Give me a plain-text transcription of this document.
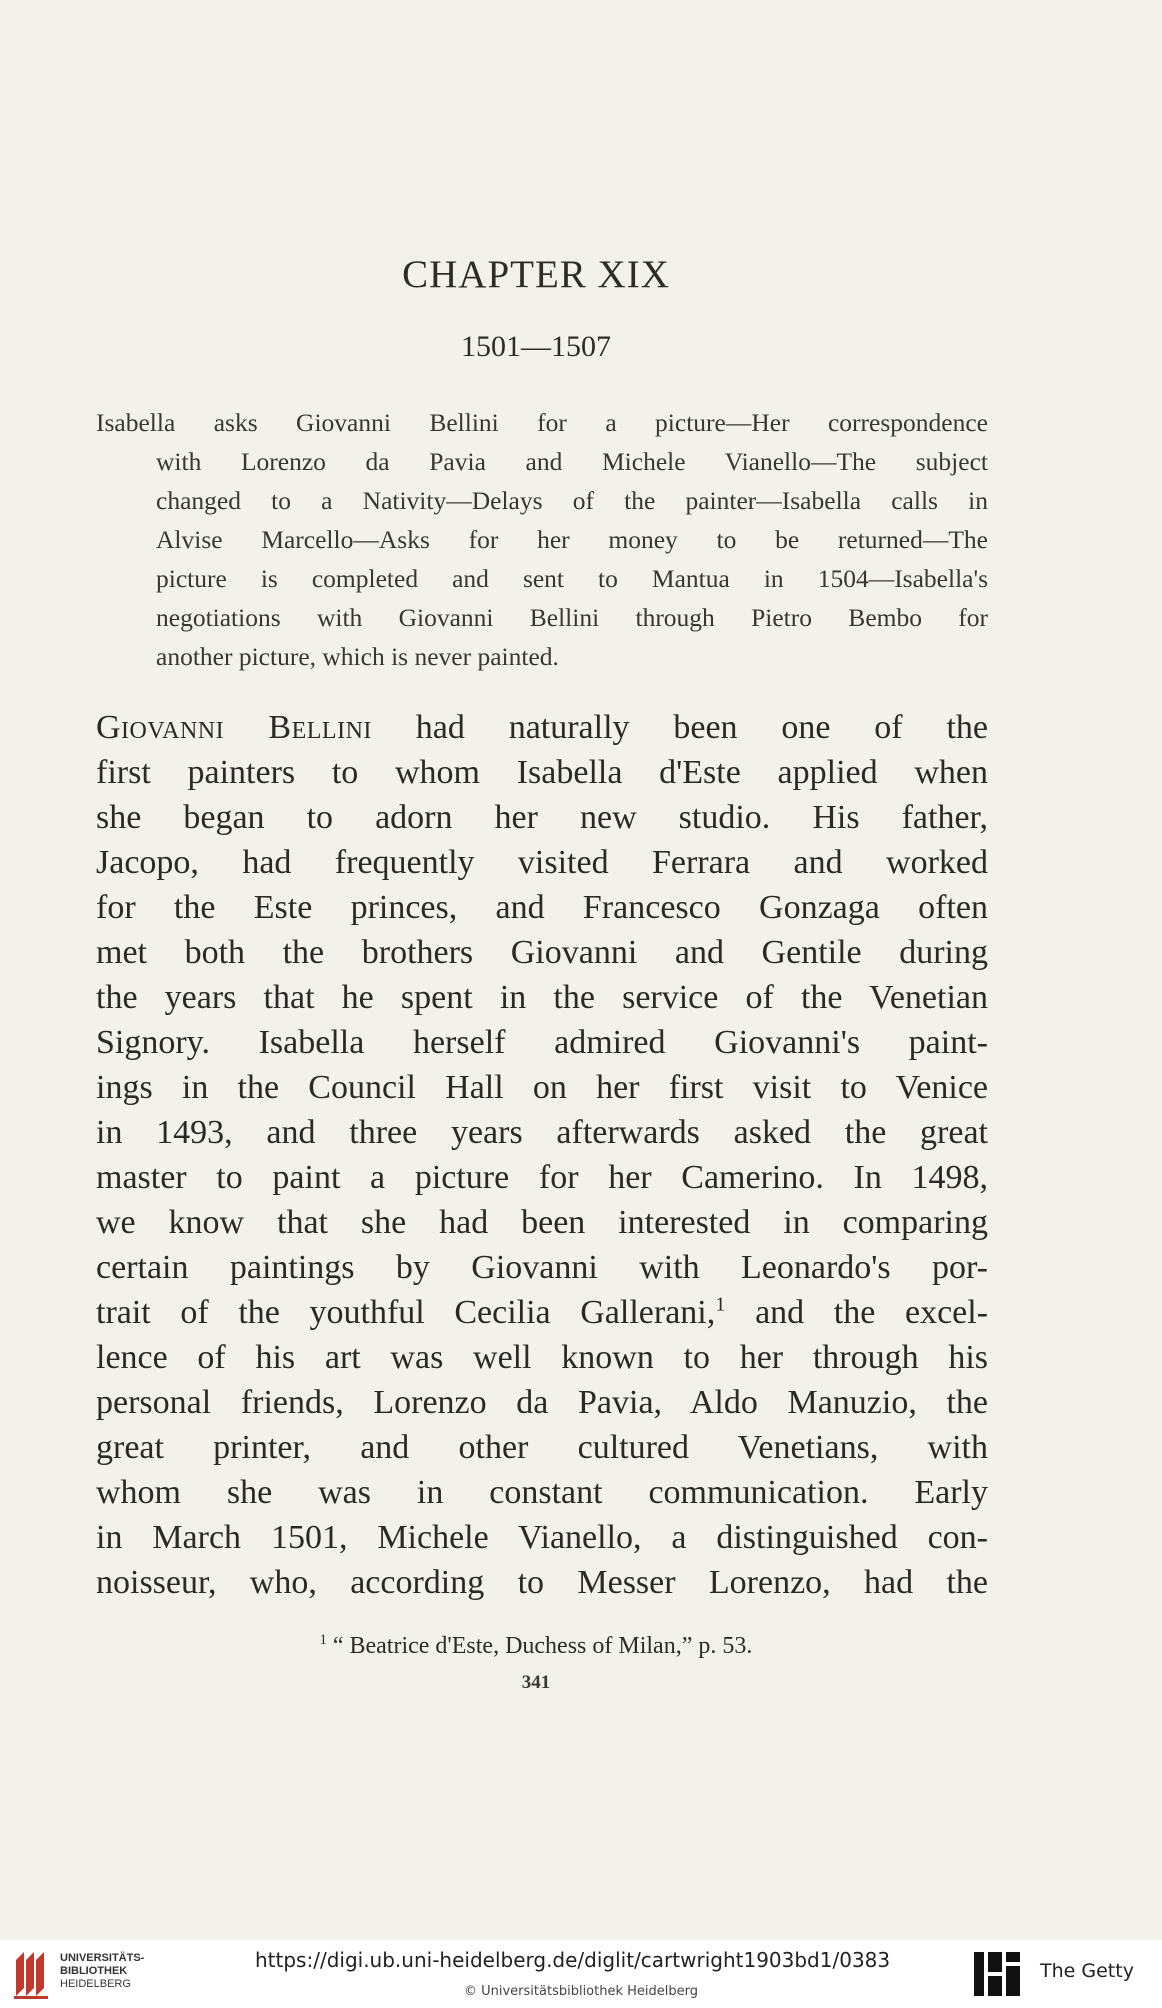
CHAPTER XIX
1501—1507
Isabella asks Giovanni Bellini for a picture—Her correspondence
with Lorenzo da Pavia and Michele Vianello—The subject
changed to a Nativity—Delays of the painter—Isabella calls in
Alvise Marcello—Asks for her money to be returned—The
picture is completed and sent to Mantua in 1504—Isabella's
negotiations with Giovanni Bellini through Pietro Bembo for
another picture, which is never painted.
Giovanni Bellini had naturally been one of the
first painters to whom Isabella d'Este applied when
she began to adorn her new studio. His father,
Jacopo, had frequently visited Ferrara and worked
for the Este princes, and Francesco Gonzaga often
met both the brothers Giovanni and Gentile during
the years that he spent in the service of the Venetian
Signory. Isabella herself admired Giovanni's paint-
ings in the Council Hall on her first visit to Venice
in 1493, and three years afterwards asked the great
master to paint a picture for her Camerino. In 1498,
we know that she had been interested in comparing
certain paintings by Giovanni with Leonardo's por-
trait of the youthful Cecilia Gallerani,$^1$ and the excel-
lence of his art was well known to her through his
personal friends, Lorenzo da Pavia, Aldo Manuzio, the
great printer, and other cultured Venetians, with
whom she was in constant communication. Early
in March 1501, Michele Vianello, a distinguished con-
noisseur, who, according to Messer Lorenzo, had the
$^1$ “ Beatrice d'Este, Duchess of Milan,” p. 53.
341
UNIVERSITÄTS-
BIBLIOTHEK
HEIDELBERG
https://digi.ub.uni-heidelberg.de/diglit/cartwright1903bd1/0383
© Universitätsbibliothek Heidelberg
The Getty
